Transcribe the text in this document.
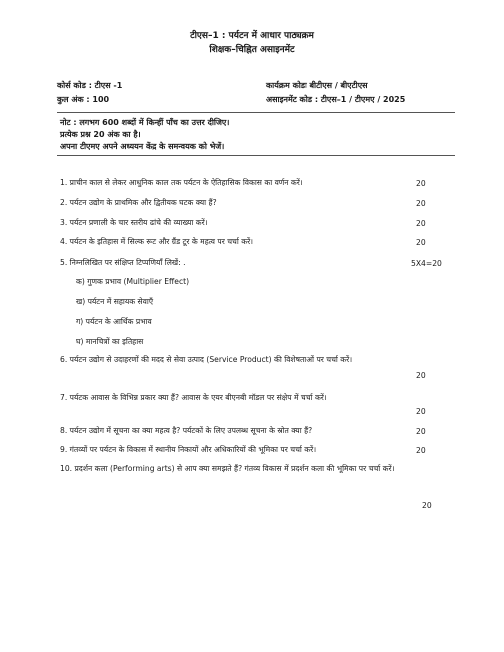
टीएस–1 : पर्यटन में आधार पाठ्यक्रम
शिक्षक–चिह्नित असाइनमेंट
कोर्स कोड : टीएस -1
कुल अंक : 100
कार्यक्रम कोडः बीटीएस / बीएटीएस
असाइनमेंट कोड : टीएस–1 / टीएमए / 2025
नोट : लगभग 600 शब्दों में किन्हीं पाँच का उत्तर दीजिए।
प्रत्येक प्रश्न 20 अंक का है।
अपना टीएमए अपने अध्ययन केंद्र के समन्वयक को भेजें।
1. प्राचीन काल से लेकर आधुनिक काल तक पर्यटन के ऐतिहासिक विकास का वर्णन करें।	20
2. पर्यटन उद्योग के प्राथमिक और द्वितीयक घटक क्या हैं?	20
3. पर्यटन प्रणाली के चार स्तरीय ढांचे की व्याख्या करें।	20
4. पर्यटन के इतिहास में सिल्क रूट और ग्रैंड टूर के महत्व पर चर्चा करें।	20
5. निम्नलिखित पर संक्षिप्त टिप्पणियाँ लिखें: .	5X4=20
क) गुणक प्रभाव (Multiplier Effect)
ख) पर्यटन में सहायक सेवाएँ
ग) पर्यटन के आर्थिक प्रभाव
घ) मानचित्रों का इतिहास
6. पर्यटन उद्योग से उदाहरणों की मदद से सेवा उत्पाद (Service Product) की विशेषताओं पर चर्चा करें।
20
7. पर्यटक आवास के विभिन्न प्रकार क्या हैं? आवास के एयर बीएनबी मॉडल पर संक्षेप में चर्चा करें।
20
8. पर्यटन उद्योग में सूचना का क्या महत्व है? पर्यटकों के लिए उपलब्ध सूचना के स्रोत क्या हैं?	20
9. गंतव्यों पर पर्यटन के विकास में स्थानीय निकायों और अधिकारियों की भूमिका पर चर्चा करें।	20
10. प्रदर्शन कला (Performing arts) से आप क्या समझते हैं? गंतव्य विकास में प्रदर्शन कला की भूमिका पर चर्चा करें।
20
